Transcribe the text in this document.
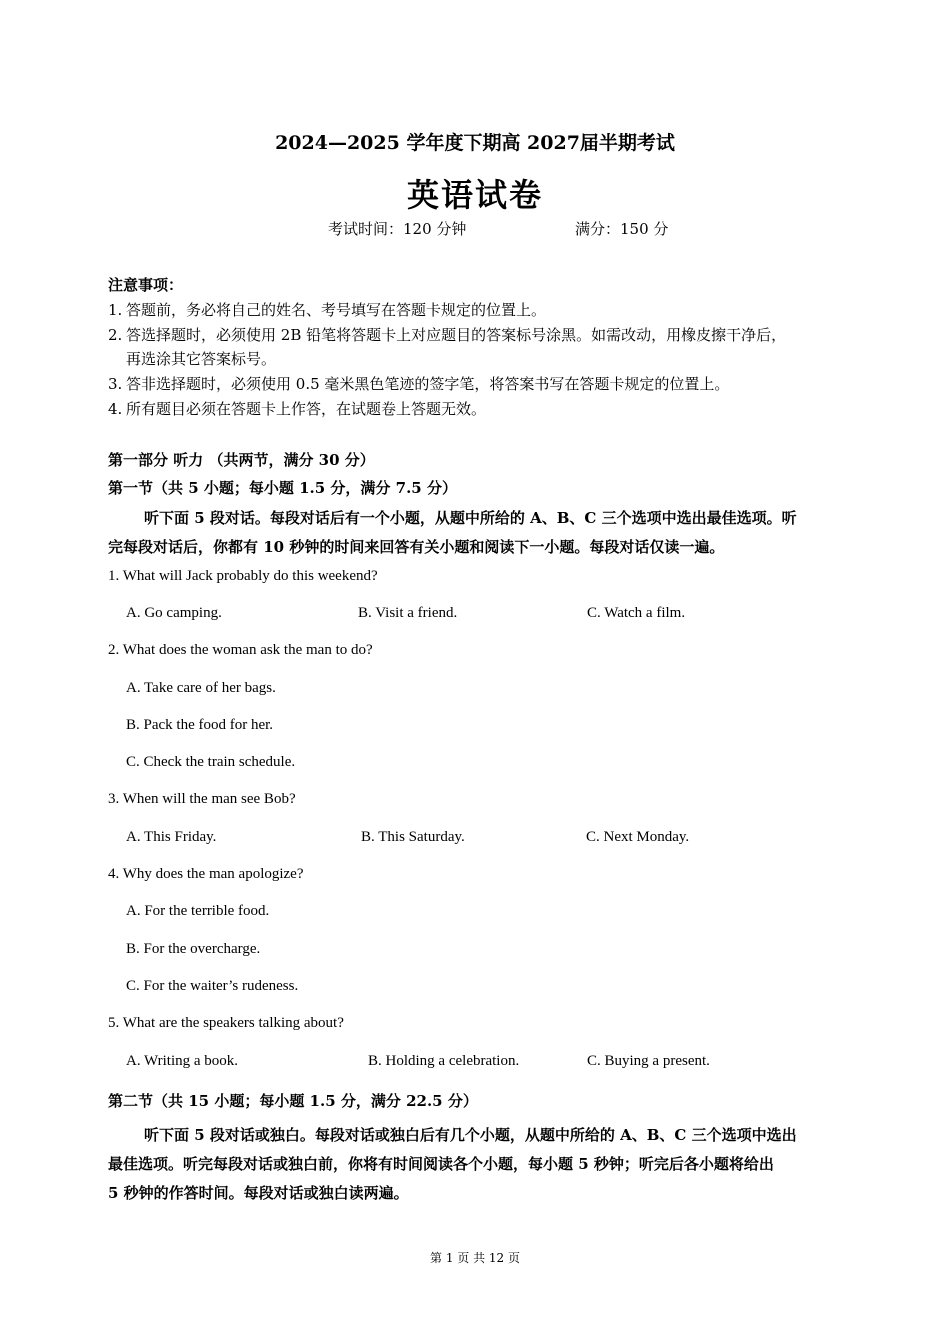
2024—2025 学年度下期高 2027届半期考试
英语试卷
考试时间：120 分钟	满分：150 分
注意事项：
1. 答题前，务必将自己的姓名、考号填写在答题卡规定的位置上。
2. 答选择题时，必须使用 2B 铅笔将答题卡上对应题目的答案标号涂黑。如需改动，用橡皮擦干净后，
再选涂其它答案标号。
3. 答非选择题时，必须使用 0.5 毫米黑色笔迹的签字笔，将答案书写在答题卡规定的位置上。
4. 所有题目必须在答题卡上作答，在试题卷上答题无效。
第一部分 听力 （共两节，满分 30 分）
第一节（共 5 小题；每小题 1.5 分，满分 7.5 分）
听下面 5 段对话。每段对话后有一个小题，从题中所给的 A、B、C 三个选项中选出最佳选项。听
完每段对话后，你都有 10 秒钟的时间来回答有关小题和阅读下一小题。每段对话仅读一遍。
1. What will Jack probably do this weekend?
A. Go camping.	B. Visit a friend.	C. Watch a film.
2. What does the woman ask the man to do?
A. Take care of her bags.
B. Pack the food for her.
C. Check the train schedule.
3. When will the man see Bob?
A. This Friday.	B. This Saturday.	C. Next Monday.
4. Why does the man apologize?
A. For the terrible food.
B. For the overcharge.
C. For the waiter’s rudeness.
5. What are the speakers talking about?
A. Writing a book.	B. Holding a celebration.	C. Buying a present.
第二节（共 15 小题；每小题 1.5 分，满分 22.5 分）
听下面 5 段对话或独白。每段对话或独白后有几个小题，从题中所给的 A、B、C 三个选项中选出
最佳选项。听完每段对话或独白前，你将有时间阅读各个小题，每小题 5 秒钟；听完后各小题将给出
5 秒钟的作答时间。每段对话或独白读两遍。
第 1 页 共 12 页
